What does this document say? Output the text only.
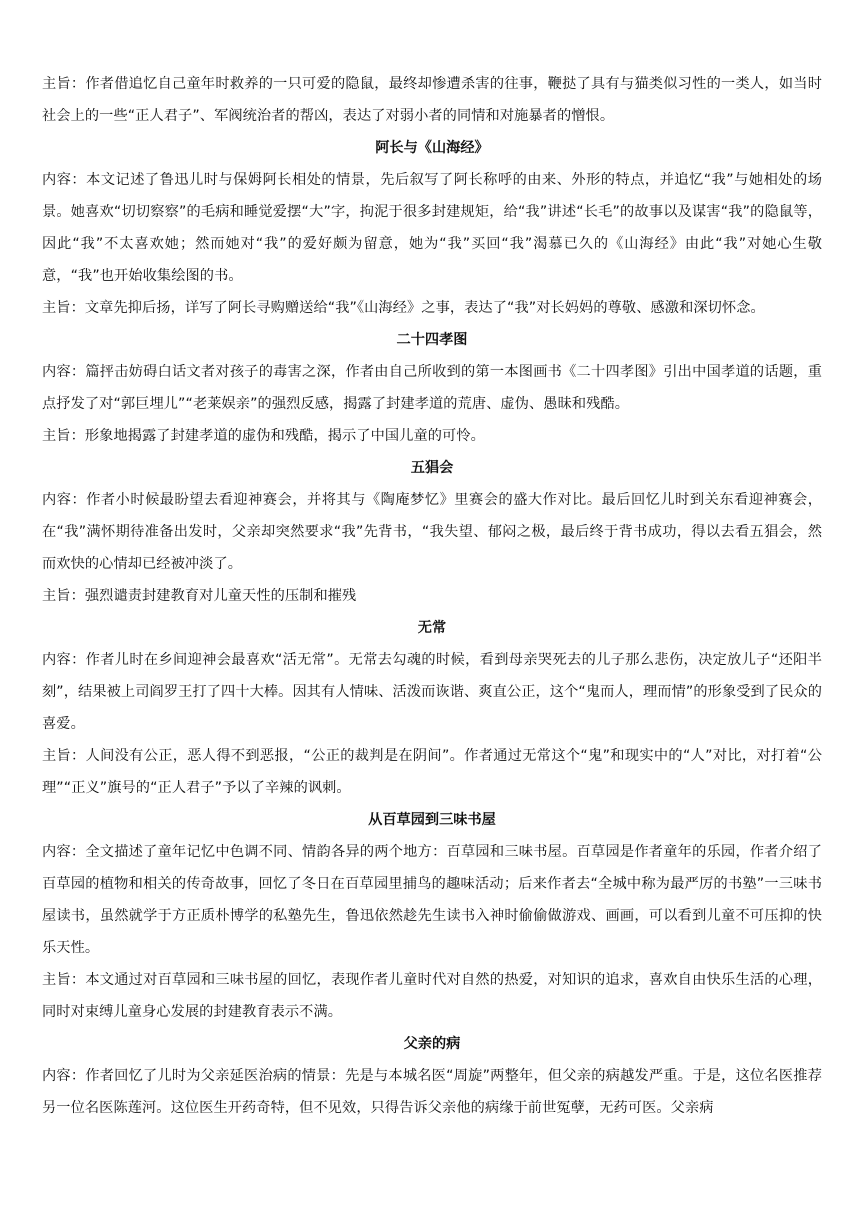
主旨：作者借追忆自己童年时救养的一只可爱的隐鼠，最终却惨遭杀害的往事，鞭挞了具有与猫类似习性的一类人，如当时社会上的一些“正人君子”、军阀统治者的帮凶，表达了对弱小者的同情和对施暴者的憎恨。

阿长与《山海经》

内容：本文记述了鲁迅儿时与保姆阿长相处的情景，先后叙写了阿长称呼的由来、外形的特点，并追忆“我”与她相处的场景。她喜欢“切切察察”的毛病和睡觉爱摆“大”字，拘泥于很多封建规矩，给“我”讲述“长毛”的故事以及谋害“我”的隐鼠等，因此“我”不太喜欢她；然而她对“我”的爱好颇为留意，她为“我”买回“我”渴慕已久的《山海经》由此“我”对她心生敬意，“我”也开始收集绘图的书。

主旨：文章先抑后扬，详写了阿长寻购赠送给“我”《山海经》之事，表达了“我”对长妈妈的尊敬、感激和深切怀念。

二十四孝图

内容：篇抨击妨碍白话文者对孩子的毒害之深，作者由自己所收到的第一本图画书《二十四孝图》引出中国孝道的话题，重点抒发了对“郭巨埋儿”“老莱娱亲”的强烈反感，揭露了封建孝道的荒唐、虚伪、愚昧和残酷。

主旨：形象地揭露了封建孝道的虚伪和残酷，揭示了中国儿童的可怜。

五猖会

内容：作者小时候最盼望去看迎神赛会，并将其与《陶庵梦忆》里赛会的盛大作对比。最后回忆儿时到关东看迎神赛会，在“我”满怀期待准备出发时，父亲却突然要求“我”先背书，“我失望、郁闷之极，最后终于背书成功，得以去看五猖会，然而欢快的心情却已经被冲淡了。

主旨：强烈谴责封建教育对儿童天性的压制和摧残

无常

内容：作者儿时在乡间迎神会最喜欢“活无常”。无常去勾魂的时候，看到母亲哭死去的儿子那么悲伤，决定放儿子“还阳半刻”，结果被上司阎罗王打了四十大棒。因其有人情味、活泼而诙谐、爽直公正，这个“鬼而人，理而情”的形象受到了民众的喜爱。

主旨：人间没有公正，恶人得不到恶报，“公正的裁判是在阴间”。作者通过无常这个“鬼”和现实中的“人”对比，对打着“公理”“正义”旗号的“正人君子”予以了辛辣的讽刺。

从百草园到三味书屋

内容：全文描述了童年记忆中色调不同、情韵各异的两个地方：百草园和三味书屋。百草园是作者童年的乐园，作者介绍了百草园的植物和相关的传奇故事，回忆了冬日在百草园里捕鸟的趣味活动；后来作者去“全城中称为最严厉的书塾”一三味书屋读书，虽然就学于方正质朴博学的私塾先生，鲁迅依然趁先生读书入神时偷偷做游戏、画画，可以看到儿童不可压抑的快乐天性。

主旨：本文通过对百草园和三味书屋的回忆，表现作者儿童时代对自然的热爱，对知识的追求，喜欢自由快乐生活的心理，同时对束缚儿童身心发展的封建教育表示不满。

父亲的病

内容：作者回忆了儿时为父亲延医治病的情景：先是与本城名医“周旋”两整年，但父亲的病越发严重。于是，这位名医推荐另一位名医陈莲河。这位医生开药奇特，但不见效，只得告诉父亲他的病缘于前世冤孽，无药可医。父亲病
